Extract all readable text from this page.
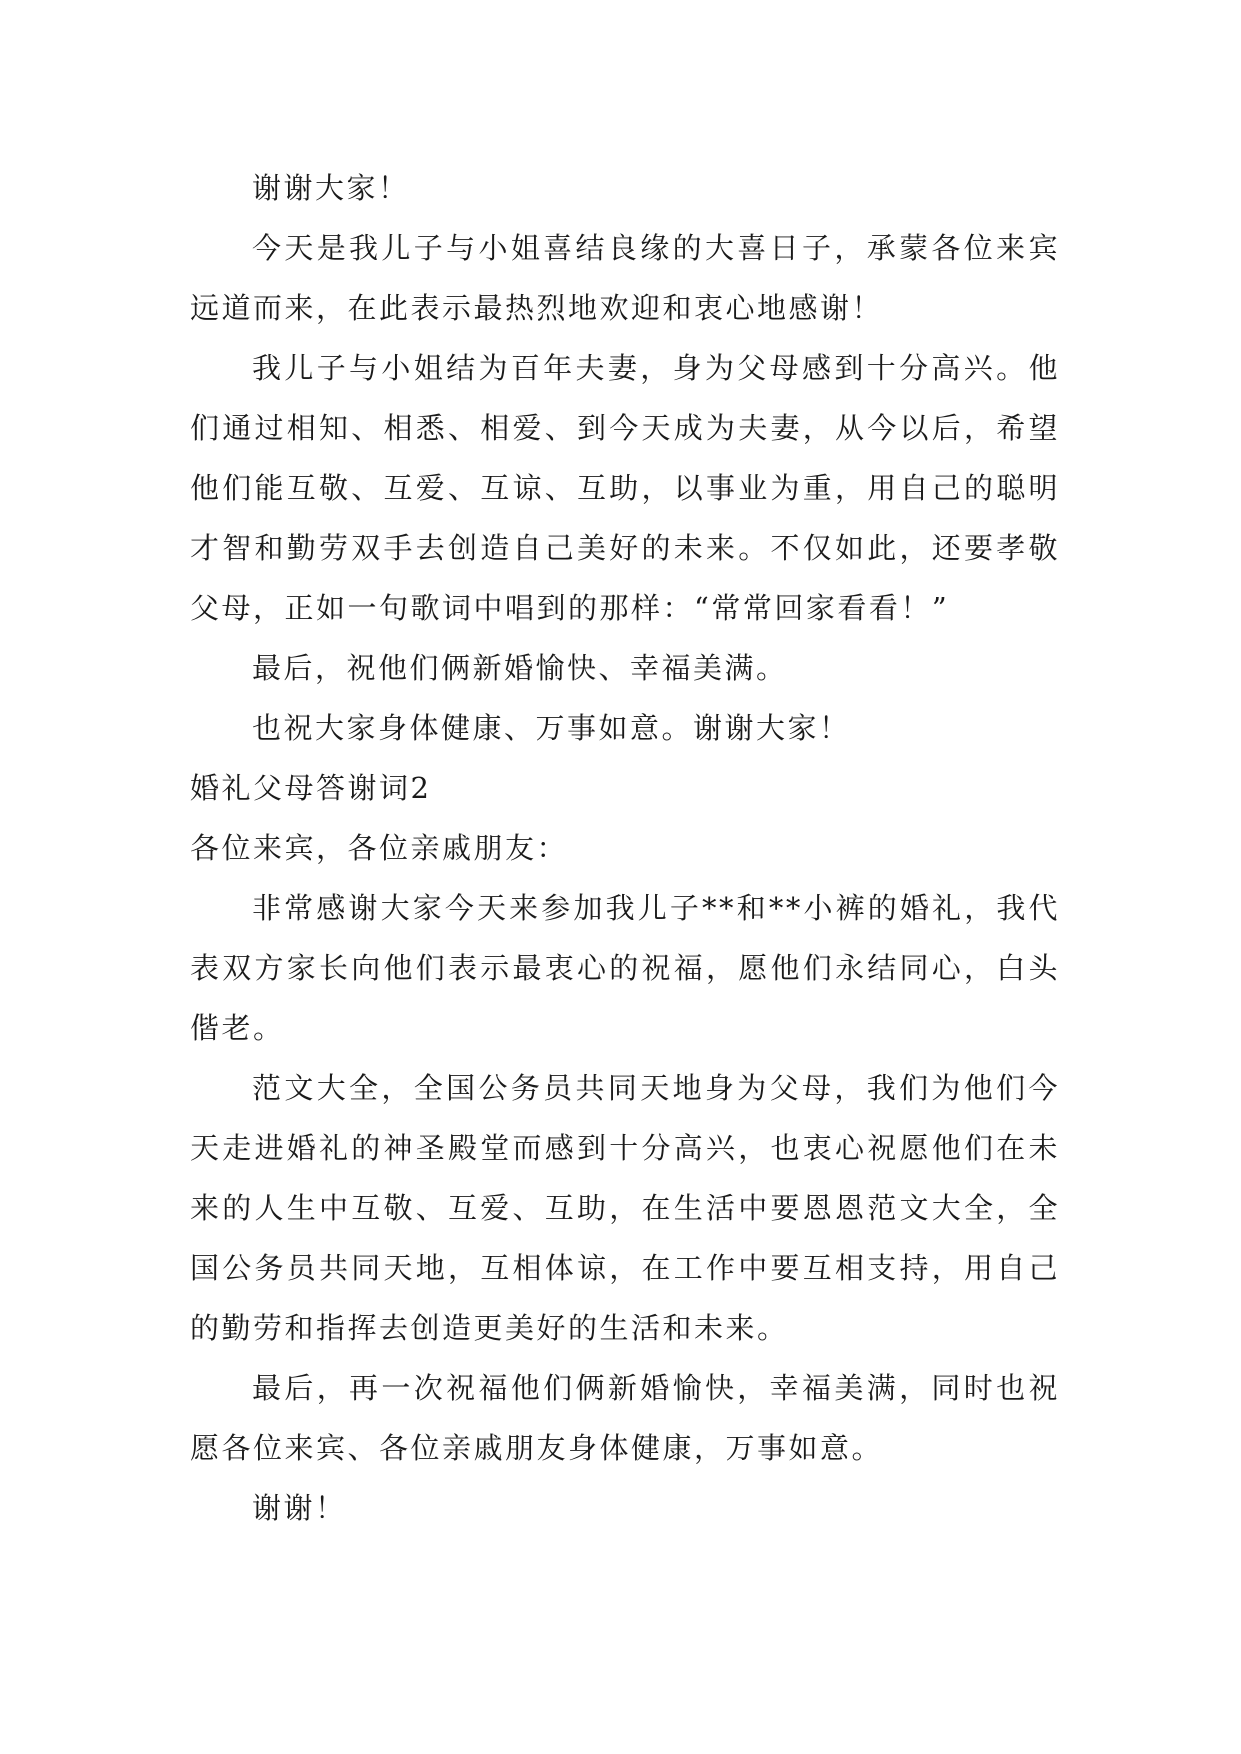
谢谢大家！

今天是我儿子与小姐喜结良缘的大喜日子，承蒙各位来宾远道而来，在此表示最热烈地欢迎和衷心地感谢！

我儿子与小姐结为百年夫妻，身为父母感到十分高兴。他们通过相知、相悉、相爱、到今天成为夫妻，从今以后，希望他们能互敬、互爱、互谅、互助，以事业为重，用自己的聪明才智和勤劳双手去创造自己美好的未来。不仅如此，还要孝敬父母，正如一句歌词中唱到的那样：“常常回家看看！”

最后，祝他们俩新婚愉快、幸福美满。

也祝大家身体健康、万事如意。谢谢大家！

婚礼父母答谢词2

各位来宾，各位亲戚朋友：

非常感谢大家今天来参加我儿子**和**小裤的婚礼，我代表双方家长向他们表示最衷心的祝福，愿他们永结同心，白头偕老。

范文大全，全国公务员共同天地身为父母，我们为他们今天走进婚礼的神圣殿堂而感到十分高兴，也衷心祝愿他们在未来的人生中互敬、互爱、互助，在生活中要恩恩范文大全，全国公务员共同天地，互相体谅，在工作中要互相支持，用自己的勤劳和指挥去创造更美好的生活和未来。

最后，再一次祝福他们俩新婚愉快，幸福美满，同时也祝愿各位来宾、各位亲戚朋友身体健康，万事如意。

谢谢！
